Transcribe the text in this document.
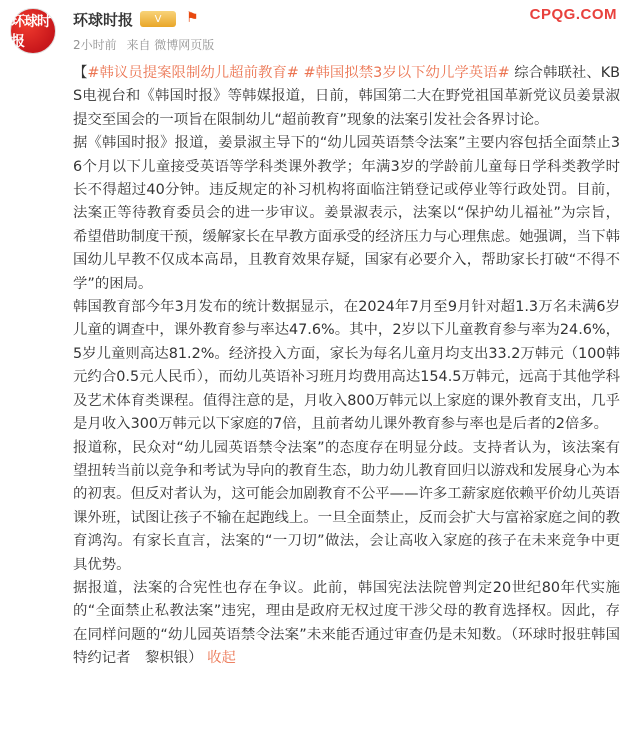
环球时报
环球时报	V	⚑
2小时前 来自 微博网页版
CPQG.COM

【#韩议员提案限制幼儿超前教育# #韩国拟禁3岁以下幼儿学英语# 综合韩联社、KBS电视台和《韩国时报》等韩媒报道，日前，韩国第二大在野党祖国革新党议员姜景淑提交至国会的一项旨在限制幼儿“超前教育”现象的法案引发社会各界讨论。

据《韩国时报》报道，姜景淑主导下的“幼儿园英语禁令法案”主要内容包括全面禁止36个月以下儿童接受英语等学科类课外教学；年满3岁的学龄前儿童每日学科类教学时长不得超过40分钟。违反规定的补习机构将面临注销登记或停业等行政处罚。目前，法案正等待教育委员会的进一步审议。姜景淑表示，法案以“保护幼儿福祉”为宗旨，希望借助制度干预，缓解家长在早教方面承受的经济压力与心理焦虑。她强调，当下韩国幼儿早教不仅成本高昂，且教育效果存疑，国家有必要介入，帮助家长打破“不得不学”的困局。

韩国教育部今年3月发布的统计数据显示，在2024年7月至9月针对超1.3万名未满6岁儿童的调查中，课外教育参与率达47.6%。其中，2岁以下儿童教育参与率为24.6%，5岁儿童则高达81.2%。经济投入方面，家长为每名儿童月均支出33.2万韩元（100韩元约合0.5元人民币），而幼儿英语补习班月均费用高达154.5万韩元，远高于其他学科及艺术体育类课程。值得注意的是，月收入800万韩元以上家庭的课外教育支出，几乎是月收入300万韩元以下家庭的7倍，且前者幼儿课外教育参与率也是后者的2倍多。

报道称，民众对“幼儿园英语禁令法案”的态度存在明显分歧。支持者认为，该法案有望扭转当前以竞争和考试为导向的教育生态，助力幼儿教育回归以游戏和发展身心为本的初衷。但反对者认为，这可能会加剧教育不公平——许多工薪家庭依赖平价幼儿英语课外班，试图让孩子不输在起跑线上。一旦全面禁止，反而会扩大与富裕家庭之间的教育鸿沟。有家长直言，法案的“一刀切”做法，会让高收入家庭的孩子在未来竞争中更具优势。

据报道，法案的合宪性也存在争议。此前，韩国宪法法院曾判定20世纪80年代实施的“全面禁止私教法案”违宪，理由是政府无权过度干涉父母的教育选择权。因此，存在同样问题的“幼儿园英语禁令法案”未来能否通过审查仍是未知数。（环球时报驻韩国特约记者　黎枳银） 收起
